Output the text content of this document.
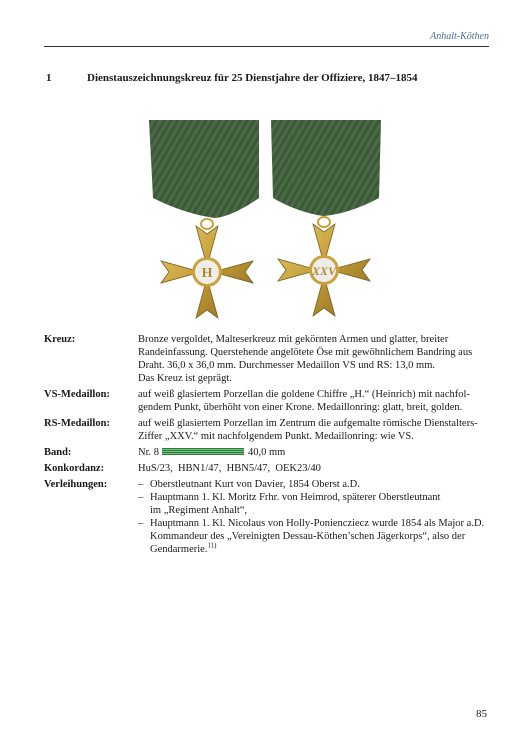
Anhalt-Köthen
1	Dienstauszeichnungskreuz für 25 Dienstjahre der Offiziere, 1847–1854
H	XXV
Kreuz:	Bronze vergoldet, Malteserkreuz mit gekörnten Armen und glatter, breiter
Randeinfassung. Querstehende angelötete Öse mit gewöhnlichem Bandring aus
Draht. 36,0 x 36,0 mm. Durchmesser Medaillon VS und RS: 13,0 mm.
Das Kreuz ist geprägt.
VS-Medaillon:	auf weiß glasiertem Porzellan die goldene Chiffre „H.“ (Heinrich) mit nachfol-
gendem Punkt, überhöht von einer Krone. Medaillonring: glatt, breit, golden.
RS-Medaillon:	auf weiß glasiertem Porzellan im Zentrum die aufgemalte römische Dienstalters-
Ziffer „XXV.“ mit nachfolgendem Punkt. Medaillonring: wie VS.
Band:	Nr. 8	40,0 mm
Konkordanz:	HuS/23,  HBN1/47,  HBN5/47,  OEK23/40
Verleihungen:	– Oberstleutnant Kurt von Davier, 1854 Oberst a.D.
– Hauptmann 1. Kl. Moritz Frhr. von Heimrod, späterer Oberstleutnant
im „Regiment Anhalt“,
– Hauptmann 1. Kl. Nicolaus von Holly-Ponienczіecz wurde 1854 als Major a.D.
Kommandeur des „Vereinigten Dessau-Köthen’schen Jägerkorps“, also der
Gendarmerie.$^{11)}$
85
